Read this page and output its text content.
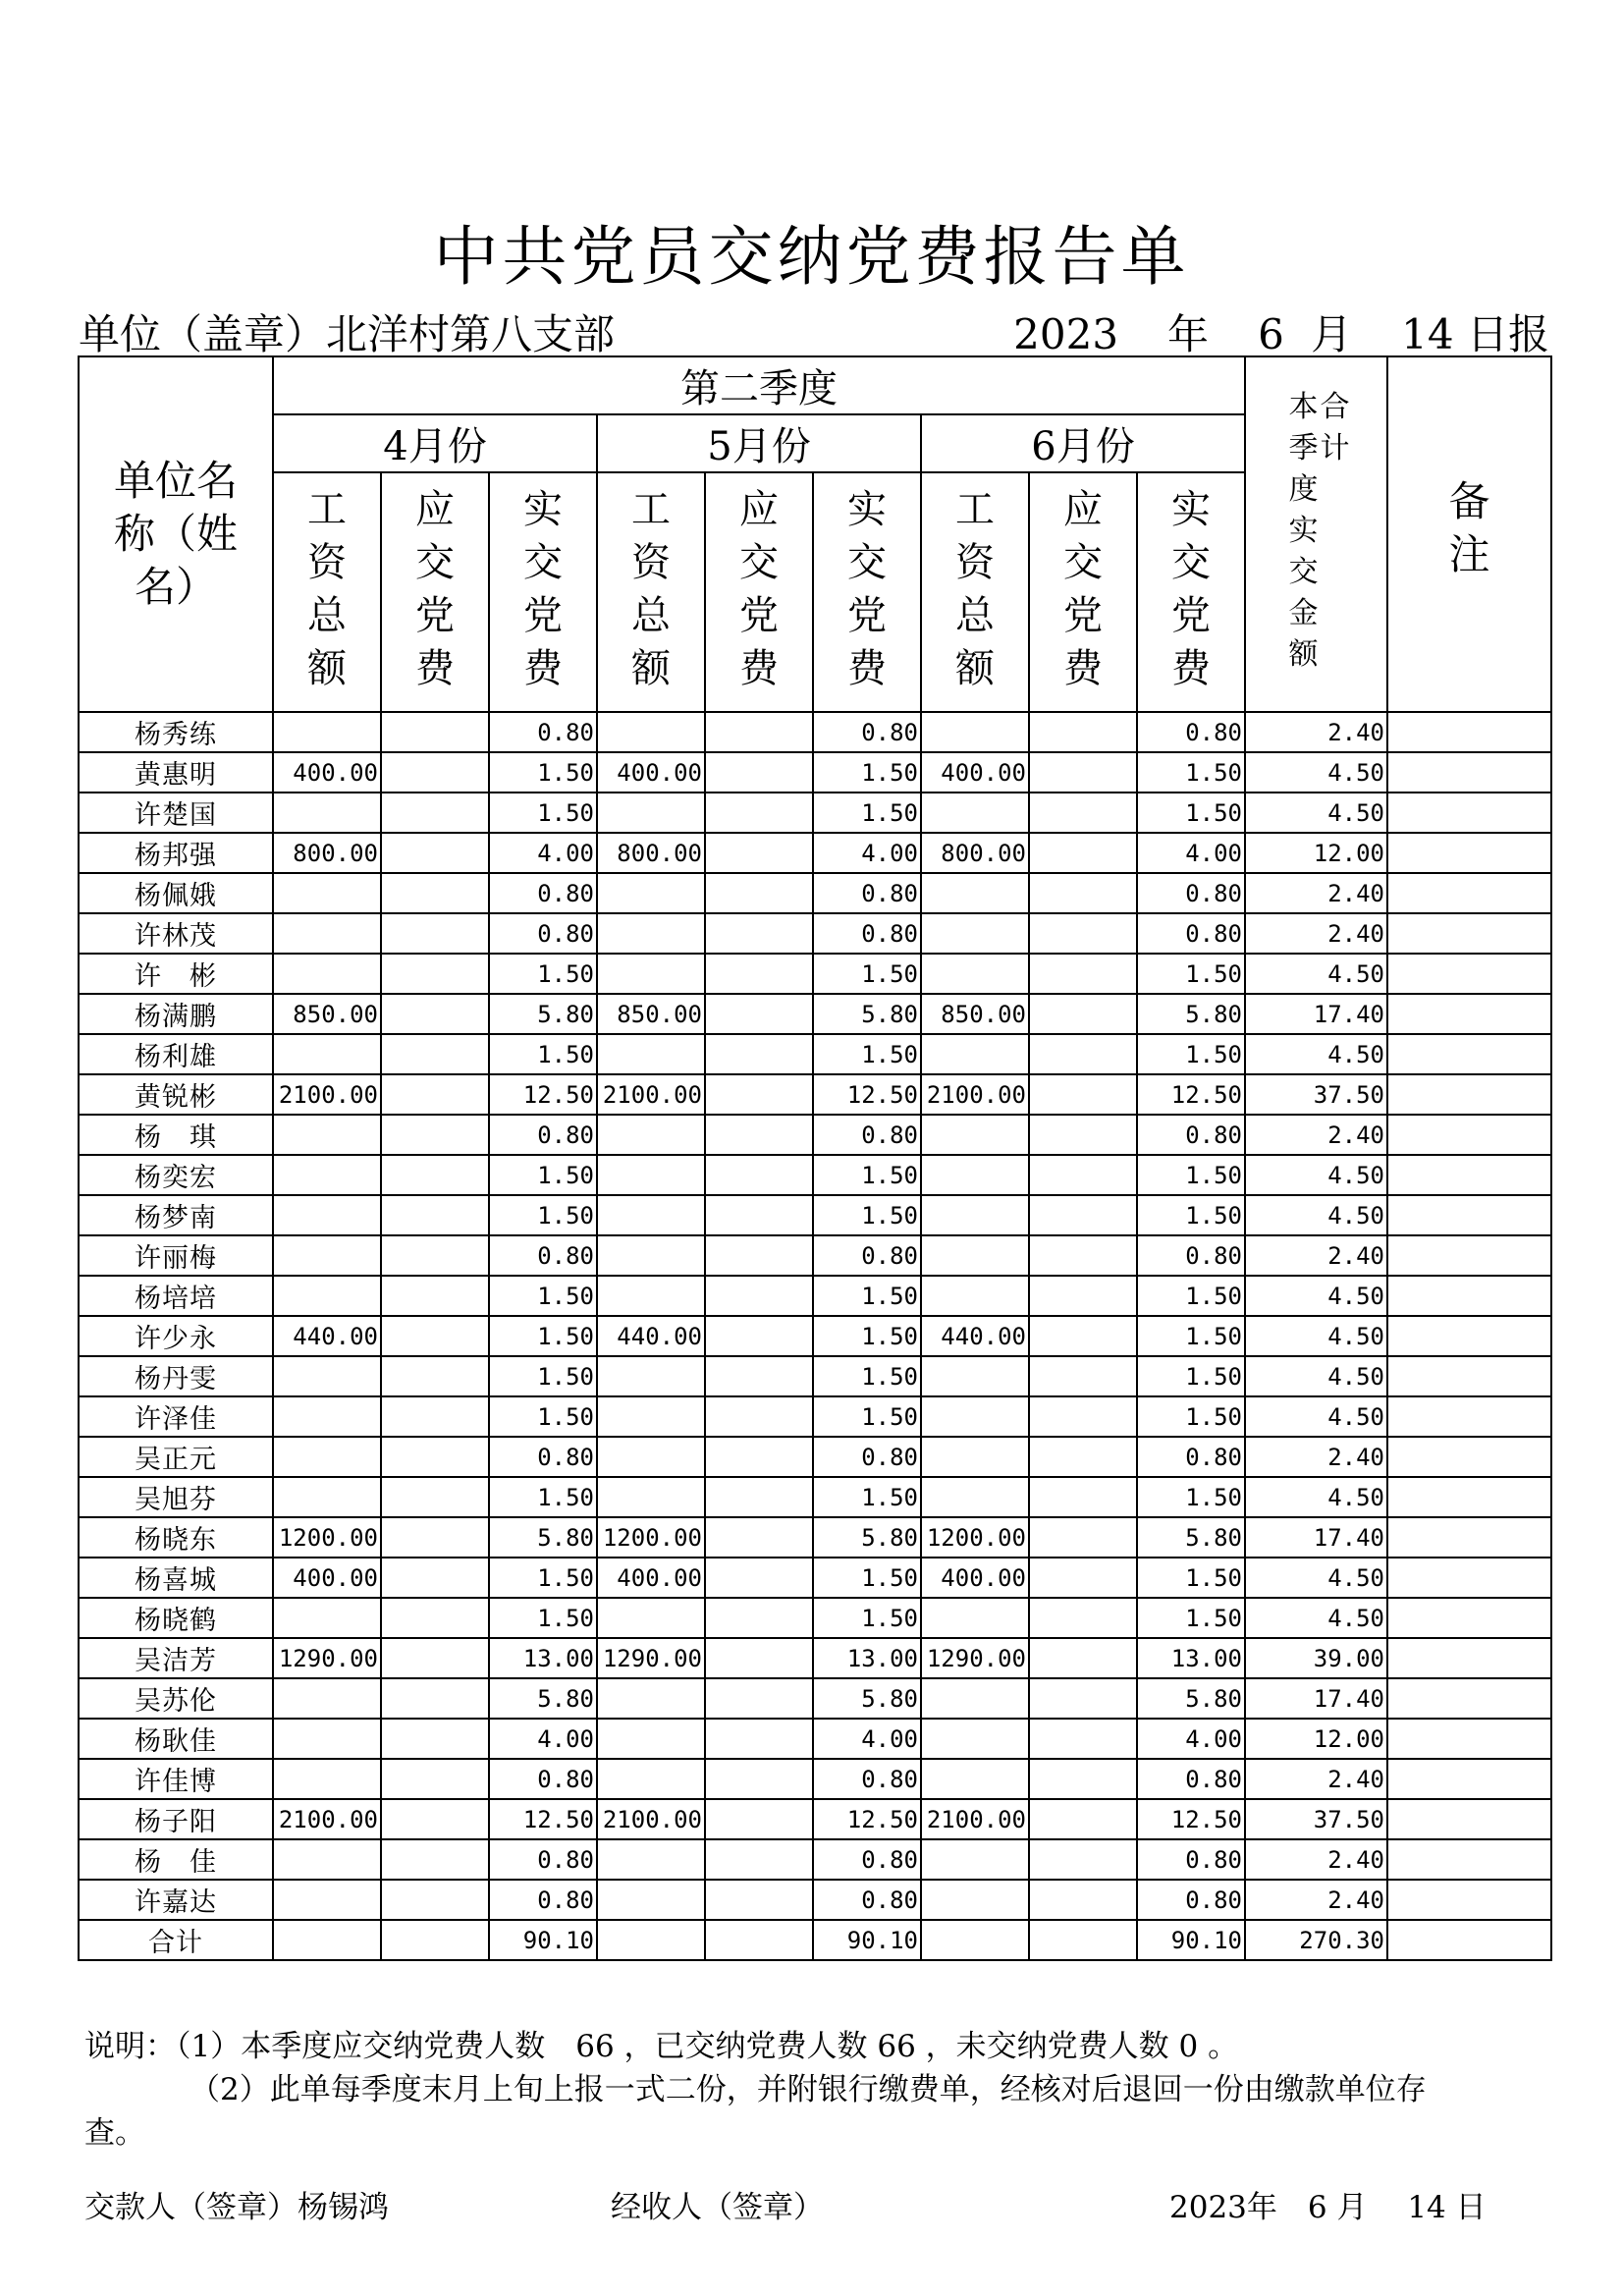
中共党员交纳党费报告单
单位（盖章）北洋村第八支部	2023 年 6 月 14 日报
单位名称（姓名）	第二季度									本季度实交金额合计	备注

	4月份			5月份			6月份				

	工资总额	应交党费	实交党费	工资总额	应交党费	实交党费	工资总额	应交党费	实交党费		

杨秀练			0.80			0.80			0.80	2.40	
黄惠明	400.00		1.50	400.00		1.50	400.00		1.50	4.50	
许楚国			1.50			1.50			1.50	4.50	
杨邦强	800.00		4.00	800.00		4.00	800.00		4.00	12.00	
杨佩娥			0.80			0.80			0.80	2.40	
许林茂			0.80			0.80			0.80	2.40	
许　彬			1.50			1.50			1.50	4.50	
杨满鹏	850.00		5.80	850.00		5.80	850.00		5.80	17.40	
杨利雄			1.50			1.50			1.50	4.50	
黄锐彬	2100.00		12.50	2100.00		12.50	2100.00		12.50	37.50	
杨　琪			0.80			0.80			0.80	2.40	
杨奕宏			1.50			1.50			1.50	4.50	
杨梦南			1.50			1.50			1.50	4.50	
许丽梅			0.80			0.80			0.80	2.40	
杨培培			1.50			1.50			1.50	4.50	
许少永	440.00		1.50	440.00		1.50	440.00		1.50	4.50	
杨丹雯			1.50			1.50			1.50	4.50	
许泽佳			1.50			1.50			1.50	4.50	
吴正元			0.80			0.80			0.80	2.40	
吴旭芬			1.50			1.50			1.50	4.50	
杨晓东	1200.00		5.80	1200.00		5.80	1200.00		5.80	17.40	
杨喜城	400.00		1.50	400.00		1.50	400.00		1.50	4.50	
杨晓鹤			1.50			1.50			1.50	4.50	
吴洁芳	1290.00		13.00	1290.00		13.00	1290.00		13.00	39.00	
吴苏伦			5.80			5.80			5.80	17.40	
杨耿佳			4.00			4.00			4.00	12.00	
许佳博			0.80			0.80			0.80	2.40	
杨子阳	2100.00		12.50	2100.00		12.50	2100.00		12.50	37.50	
杨　佳			0.80			0.80			0.80	2.40	
许嘉达			0.80			0.80			0.80	2.40	
合计			90.10			90.10			90.10	270.30	
说明：（1）本季度应交纳党费人数　66 ，已交纳党费人数 66 ，未交纳党费人数 0 。
（2）此单每季度末月上旬上报一式二份，并附银行缴费单，经核对后退回一份由缴款单位存
查。
交款人（签章）杨锡鸿	经收人（签章）	2023年　6 月　 14 日
